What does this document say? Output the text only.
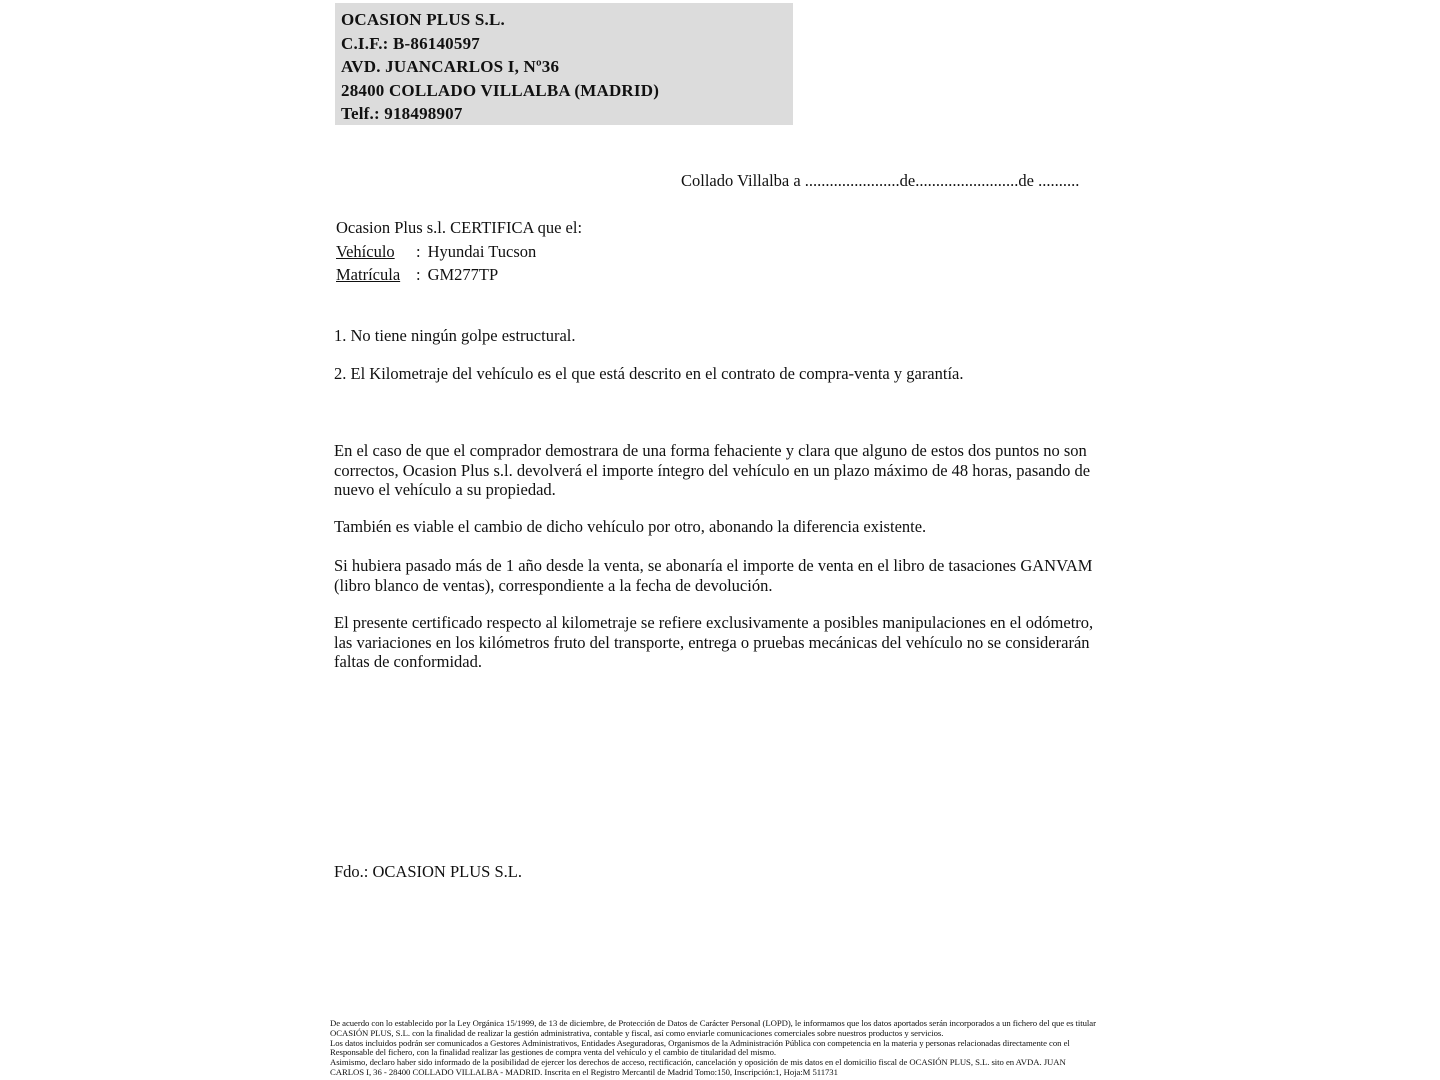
OCASION PLUS S.L.
C.I.F.: B-86140597
AVD. JUANCARLOS I, Nº36
28400 COLLADO VILLALBA (MADRID)
Telf.: 918498907
Collado Villalba a .......................de.........................de ..........
Ocasion Plus s.l. CERTIFICA que el:
Vehículo	: Hyundai Tucson
Matrícula : GM277TP
1. No tiene ningún golpe estructural.
2. El Kilometraje del vehículo es el que está descrito en el contrato de compra-venta y garantía.
En el caso de que el comprador demostrara de una forma fehaciente y clara que alguno de estos dos puntos no son correctos, Ocasion Plus s.l. devolverá el importe íntegro del vehículo en un plazo máximo de 48 horas, pasando de nuevo el vehículo a su propiedad.
También es viable el cambio de dicho vehículo por otro, abonando la diferencia existente.
Si hubiera pasado más de 1 año desde la venta, se abonaría el importe de venta en el libro de tasaciones GANVAM (libro blanco de ventas), correspondiente a la fecha de devolución.
El presente certificado respecto al kilometraje se refiere exclusivamente a posibles manipulaciones en el odómetro, las variaciones en los kilómetros fruto del transporte, entrega o pruebas mecánicas del vehículo no se considerarán faltas de conformidad.
Fdo.: OCASION PLUS S.L.
De acuerdo con lo establecido por la Ley Orgánica 15/1999, de 13 de diciembre, de Protección de Datos de Carácter Personal (LOPD), le informamos que los datos aportados serán incorporados a un fichero del que es titular
OCASIÓN PLUS, S.L. con la finalidad de realizar la gestión administrativa, contable y fiscal, así como enviarle comunicaciones comerciales sobre nuestros productos y servicios.
Los datos incluidos podrán ser comunicados a Gestores Administrativos, Entidades Aseguradoras, Organismos de la Administración Pública con competencia en la materia y personas relacionadas directamente con el
Responsable del fichero, con la finalidad realizar las gestiones de compra venta del vehículo y el cambio de titularidad del mismo.
Asimismo, declaro haber sido informado de la posibilidad de ejercer los derechos de acceso, rectificación, cancelación y oposición de mis datos en el domicilio fiscal de OCASIÓN PLUS, S.L. sito en AVDA. JUAN
CARLOS I, 36 - 28400 COLLADO VILLALBA - MADRID. Inscrita en el Registro Mercantil de Madrid Tomo:150, Inscripción:1, Hoja:M 511731
